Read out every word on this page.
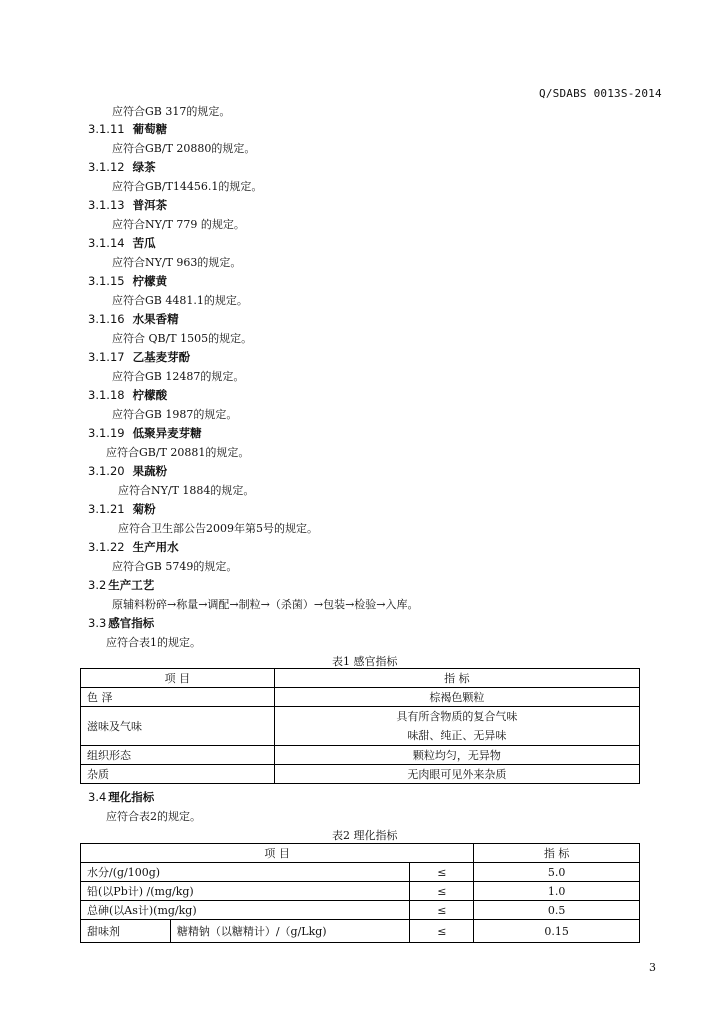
Q/SDABS 0013S-2014
应符合GB 317的规定。
3.1.11 葡萄糖
应符合GB/T 20880的规定。
3.1.12 绿茶
应符合GB/T14456.1的规定。
3.1.13 普洱茶
应符合NY/T 779 的规定。
3.1.14 苦瓜
应符合NY/T 963的规定。
3.1.15 柠檬黄
应符合GB 4481.1的规定。
3.1.16 水果香精
应符合 QB/T 1505的规定。
3.1.17 乙基麦芽酚
应符合GB 12487的规定。
3.1.18 柠檬酸
应符合GB 1987的规定。
3.1.19 低聚异麦芽糖
应符合GB/T 20881的规定。
3.1.20 果蔬粉
应符合NY/T 1884的规定。
3.1.21 菊粉
应符合卫生部公告2009年第5号的规定。
3.1.22 生产用水
应符合GB 5749的规定。
3.2 生产工艺
原辅料粉碎→称量→调配→制粒→（杀菌）→包装→检验→入库。
3.3 感官指标
应符合表1的规定。
表1 感官指标
项 目	指 标
色 泽	棕褐色颗粒
滋味及气味	具有所含物质的复合气味
味甜、纯正、无异味

组织形态	颗粒均匀，无异物
杂质	无肉眼可见外来杂质
3.4 理化指标
应符合表2的规定。
表2 理化指标
项 目			指 标
水分/(g/100g)		≤	5.0
铅(以Pb计) /(mg/kg)		≤	1.0
总砷(以As计)(mg/kg)		≤	0.5
甜味剂	糖精钠（以糖精计）/（g/Lkg)	≤	0.15
3
